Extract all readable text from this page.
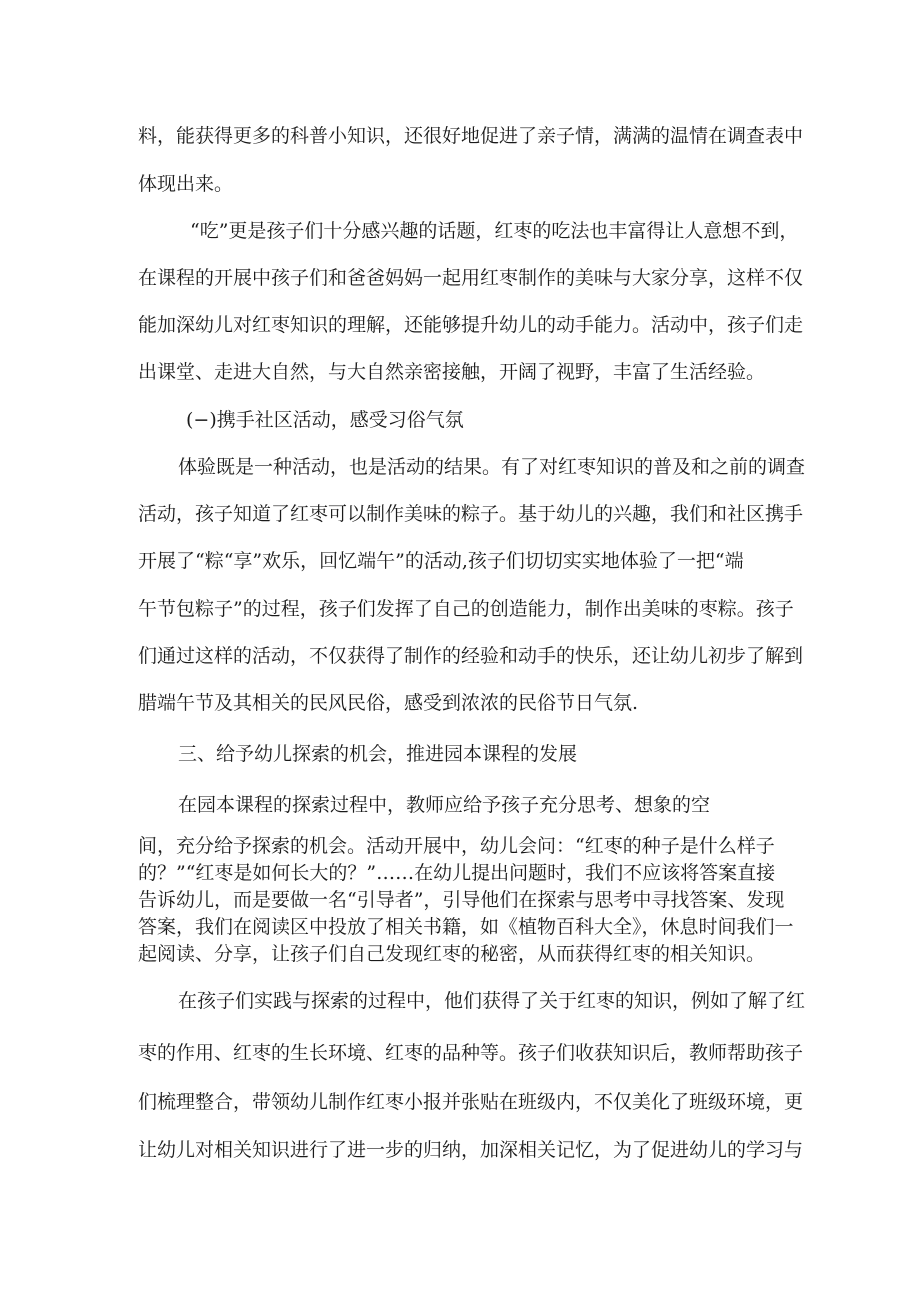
料，能获得更多的科普小知识，还很好地促进了亲子情，满满的温情在调查表中
体现出来。
“吃”更是孩子们十分感兴趣的话题，红枣的吃法也丰富得让人意想不到，
在课程的开展中孩子们和爸爸妈妈一起用红枣制作的美味与大家分享，这样不仅
能加深幼儿对红枣知识的理解，还能够提升幼儿的动手能力。活动中，孩子们走
出课堂、走进大自然，与大自然亲密接触，开阔了视野，丰富了生活经验。
(−)携手社区活动，感受习俗气氛
体验既是一种活动，也是活动的结果。有了对红枣知识的普及和之前的调查
活动，孩子知道了红枣可以制作美味的粽子。基于幼儿的兴趣，我们和社区携手
开展了“粽“享”欢乐，回忆端午”的活动,孩子们切切实实地体验了一把“端
午节包粽子”的过程，孩子们发挥了自己的创造能力，制作出美味的枣粽。孩子
们通过这样的活动，不仅获得了制作的经验和动手的快乐，还让幼儿初步了解到
腊端午节及其相关的民风民俗，感受到浓浓的民俗节日气氛.
三、给予幼儿探索的机会，推进园本课程的发展
在园本课程的探索过程中，教师应给予孩子充分思考、想象的空
间，充分给予探索的机会。活动开展中，幼儿会问：“红枣的种子是什么样子
的？”“红枣是如何长大的？”……在幼儿提出问题时，我们不应该将答案直接
告诉幼儿，而是要做一名“引导者”，引导他们在探索与思考中寻找答案、发现
答案，我们在阅读区中投放了相关书籍，如《植物百科大全》，休息时间我们一
起阅读、分享，让孩子们自己发现红枣的秘密，从而获得红枣的相关知识。
在孩子们实践与探索的过程中，他们获得了关于红枣的知识，例如了解了红
枣的作用、红枣的生长环境、红枣的品种等。孩子们收获知识后，教师帮助孩子
们梳理整合，带领幼儿制作红枣小报并张贴在班级内，不仅美化了班级环境，更
让幼儿对相关知识进行了进一步的归纳，加深相关记忆，为了促进幼儿的学习与
